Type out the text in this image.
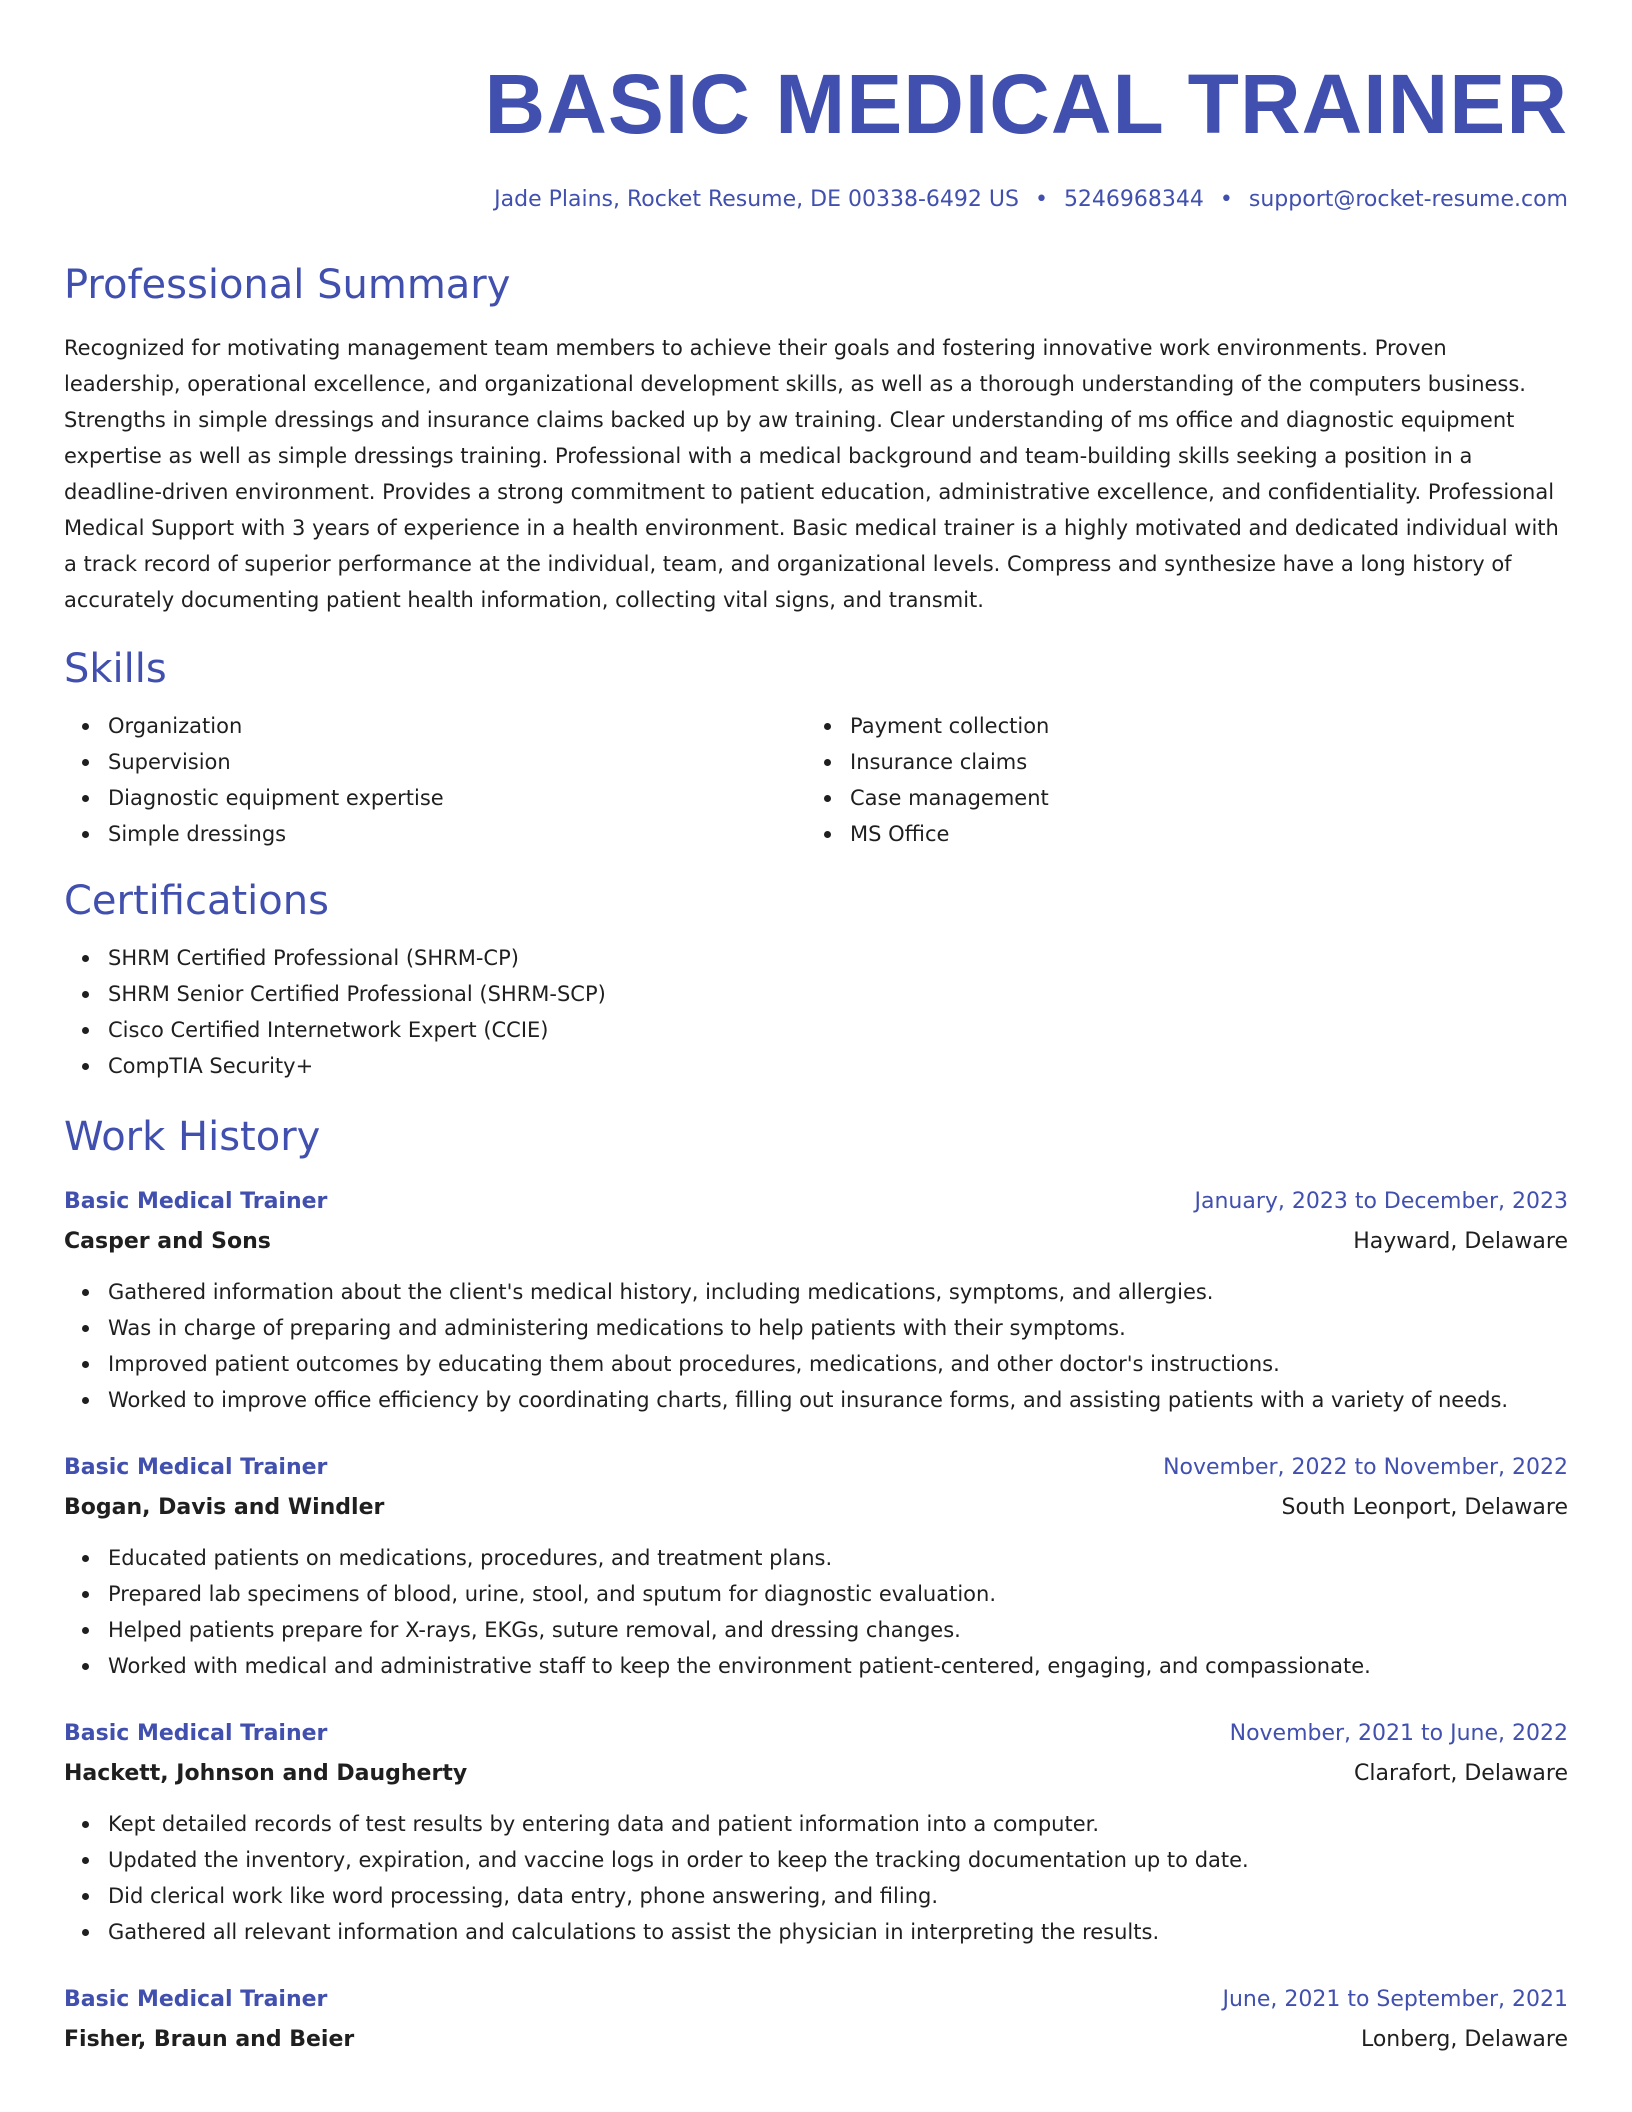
BASIC MEDICAL TRAINER
Jade Plains, Rocket Resume, DE 00338-6492 US • 5246968344 • support@rocket-resume.com
Professional Summary

Recognized for motivating management team members to achieve their goals and fostering innovative work environments. Proven leadership, operational excellence, and organizational development skills, as well as a thorough understanding of the computers business. Strengths in simple dressings and insurance claims backed up by aw training. Clear understanding of ms office and diagnostic equipment expertise as well as simple dressings training. Professional with a medical background and team-building skills seeking a position in a deadline-driven environment. Provides a strong commitment to patient education, administrative excellence, and confidentiality. Professional Medical Support with 3 years of experience in a health environment. Basic medical trainer is a highly motivated and dedicated individual with a track record of superior performance at the individual, team, and organizational levels. Compress and synthesize have a long history of accurately documenting patient health information, collecting vital signs, and transmit.

Skills
Organization
Supervision
Diagnostic equipment expertise
Simple dressings
Payment collection
Insurance claims
Case management
MS Office
Certifications
SHRM Certified Professional (SHRM-CP)
SHRM Senior Certified Professional (SHRM-SCP)
Cisco Certified Internetwork Expert (CCIE)
CompTIA Security+
Work History
Basic Medical Trainer	January, 2023 to December, 2023
Casper and Sons	Hayward, Delaware
Gathered information about the client's medical history, including medications, symptoms, and allergies.
Was in charge of preparing and administering medications to help patients with their symptoms.
Improved patient outcomes by educating them about procedures, medications, and other doctor's instructions.
Worked to improve office efficiency by coordinating charts, filling out insurance forms, and assisting patients with a variety of needs.
Basic Medical Trainer	November, 2022 to November, 2022
Bogan, Davis and Windler	South Leonport, Delaware
Educated patients on medications, procedures, and treatment plans.
Prepared lab specimens of blood, urine, stool, and sputum for diagnostic evaluation.
Helped patients prepare for X-rays, EKGs, suture removal, and dressing changes.
Worked with medical and administrative staff to keep the environment patient-centered, engaging, and compassionate.
Basic Medical Trainer	November, 2021 to June, 2022
Hackett, Johnson and Daugherty	Clarafort, Delaware
Kept detailed records of test results by entering data and patient information into a computer.
Updated the inventory, expiration, and vaccine logs in order to keep the tracking documentation up to date.
Did clerical work like word processing, data entry, phone answering, and filing.
Gathered all relevant information and calculations to assist the physician in interpreting the results.
Basic Medical Trainer	June, 2021 to September, 2021
Fisher, Braun and Beier	Lonberg, Delaware
